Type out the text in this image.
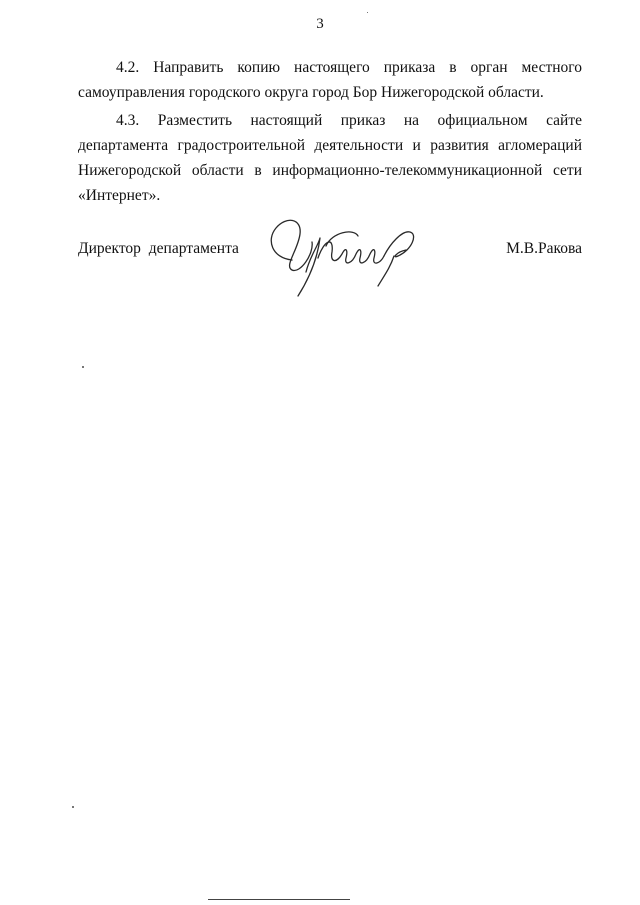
3

4.2. Направить копию настоящего приказа в орган местного самоуправления городского округа город Бор Нижегородской области.

4.3. Разместить настоящий приказ на официальном сайте департамента градостроительной деятельности и развития агломераций Нижегородской области в информационно-телекоммуникационной сети «Интернет».

Директор департамента	М.В.Ракова
